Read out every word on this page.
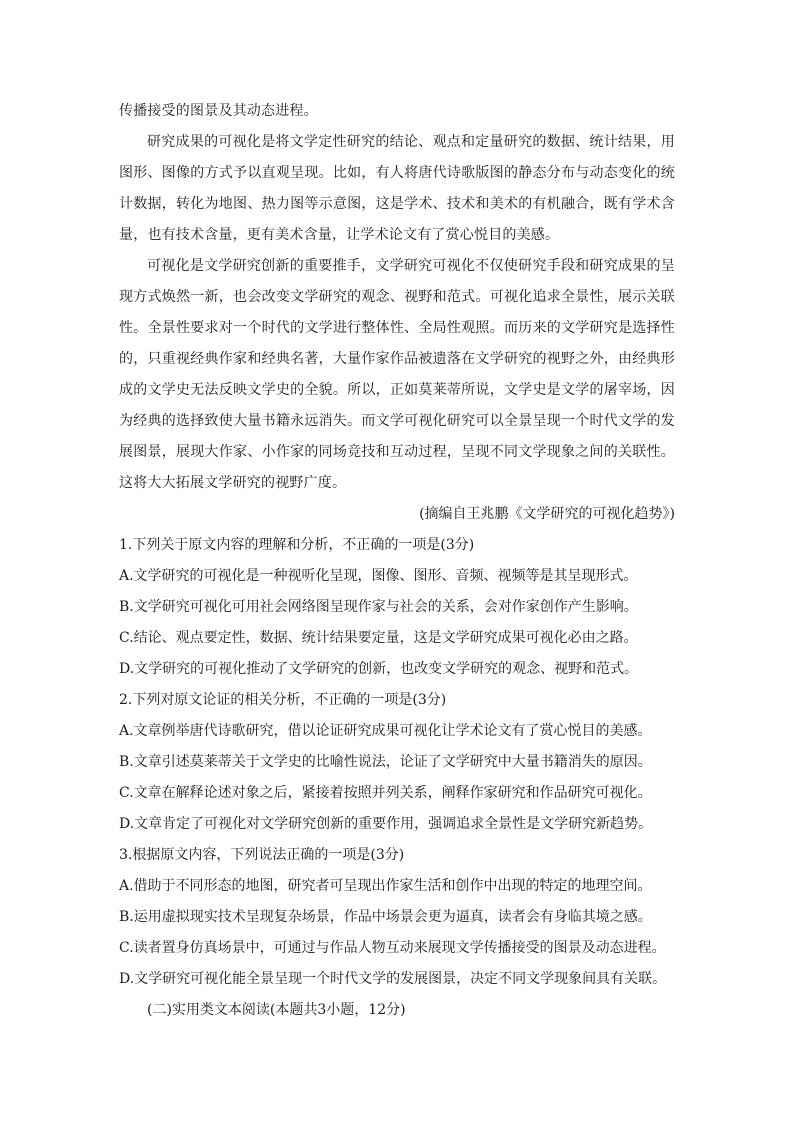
传播接受的图景及其动态进程。

研究成果的可视化是将文学定性研究的结论、观点和定量研究的数据、统计结果，用图形、图像的方式予以直观呈现。比如，有人将唐代诗歌版图的静态分布与动态变化的统计数据，转化为地图、热力图等示意图，这是学术、技术和美术的有机融合，既有学术含量，也有技术含量，更有美术含量，让学术论文有了赏心悦目的美感。

可视化是文学研究创新的重要推手，文学研究可视化不仅使研究手段和研究成果的呈现方式焕然一新，也会改变文学研究的观念、视野和范式。可视化追求全景性，展示关联性。全景性要求对一个时代的文学进行整体性、全局性观照。而历来的文学研究是选择性的，只重视经典作家和经典名著，大量作家作品被遗落在文学研究的视野之外，由经典形成的文学史无法反映文学史的全貌。所以，正如莫莱蒂所说，文学史是文学的屠宰场，因为经典的选择致使大量书籍永远消失。而文学可视化研究可以全景呈现一个时代文学的发展图景，展现大作家、小作家的同场竞技和互动过程，呈现不同文学现象之间的关联性。这将大大拓展文学研究的视野广度。

(摘编自王兆鹏《文学研究的可视化趋势》)

1.下列关于原文内容的理解和分析，不正确的一项是(3分)

A.文学研究的可视化是一种视听化呈现，图像、图形、音频、视频等是其呈现形式。

B.文学研究可视化可用社会网络图呈现作家与社会的关系，会对作家创作产生影响。

C.结论、观点要定性，数据、统计结果要定量，这是文学研究成果可视化必由之路。

D.文学研究的可视化推动了文学研究的创新，也改变文学研究的观念、视野和范式。

2.下列对原文论证的相关分析，不正确的一项是(3分)

A.文章例举唐代诗歌研究，借以论证研究成果可视化让学术论文有了赏心悦目的美感。

B.文章引述莫莱蒂关于文学史的比喻性说法，论证了文学研究中大量书籍消失的原因。

C.文章在解释论述对象之后，紧接着按照并列关系，阐释作家研究和作品研究可视化。

D.文章肯定了可视化对文学研究创新的重要作用，强调追求全景性是文学研究新趋势。

3.根据原文内容，下列说法正确的一项是(3分)

A.借助于不同形态的地图，研究者可呈现出作家生活和创作中出现的特定的地理空间。

B.运用虚拟现实技术呈现复杂场景，作品中场景会更为逼真，读者会有身临其境之感。

C.读者置身仿真场景中，可通过与作品人物互动来展现文学传播接受的图景及动态进程。

D.文学研究可视化能全景呈现一个时代文学的发展图景，决定不同文学现象间具有关联。

(二)实用类文本阅读(本题共3小题，12分)
